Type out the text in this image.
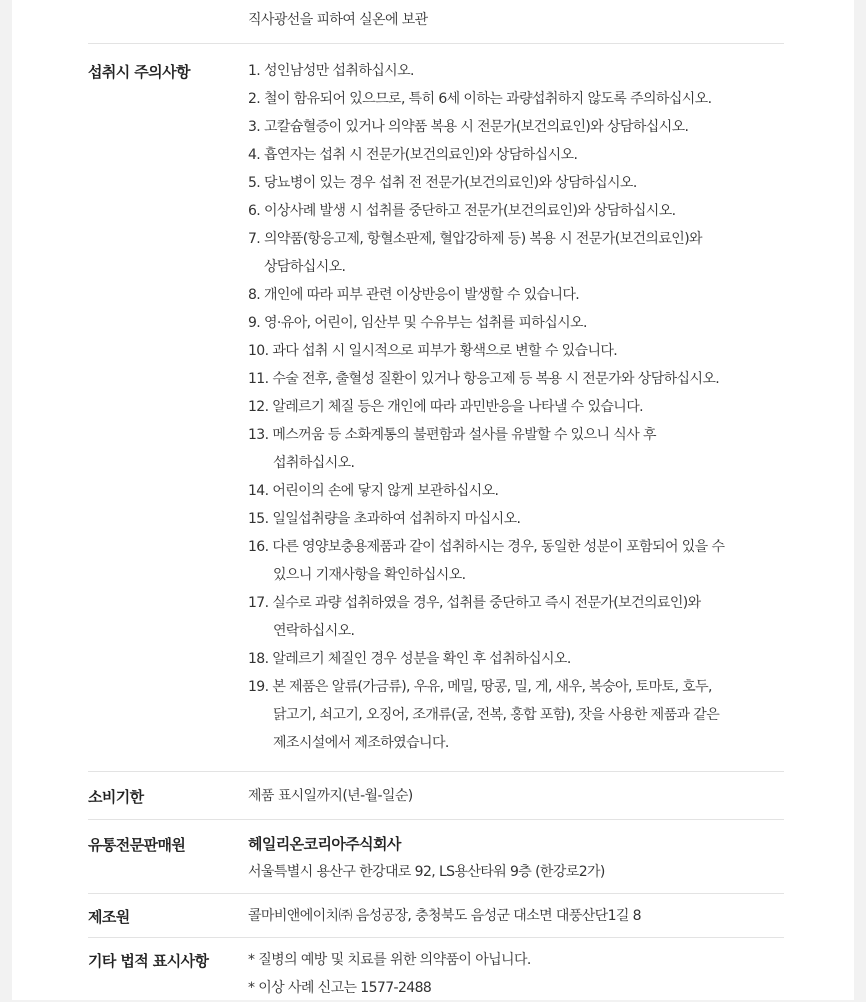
직사광선을 피하여 실온에 보관
섭취시 주의사항	1. 성인남성만 섭취하십시오.
2. 철이 함유되어 있으므로, 특히 6세 이하는 과량섭취하지 않도록 주의하십시오.
3. 고칼슘혈증이 있거나 의약품 복용 시 전문가(보건의료인)와 상담하십시오.
4. 흡연자는 섭취 시 전문가(보건의료인)와 상담하십시오.
5. 당뇨병이 있는 경우 섭취 전 전문가(보건의료인)와 상담하십시오.
6. 이상사례 발생 시 섭취를 중단하고 전문가(보건의료인)와 상담하십시오.
7. 의약품(항응고제, 항혈소판제, 혈압강하제 등) 복용 시 전문가(보건의료인)와
상담하십시오.
8. 개인에 따라 피부 관련 이상반응이 발생할 수 있습니다.
9. 영·유아, 어린이, 임산부 및 수유부는 섭취를 피하십시오.
10. 과다 섭취 시 일시적으로 피부가 황색으로 변할 수 있습니다.
11. 수술 전후, 출혈성 질환이 있거나 항응고제 등 복용 시 전문가와 상담하십시오.
12. 알레르기 체질 등은 개인에 따라 과민반응을 나타낼 수 있습니다.
13. 메스꺼움 등 소화계통의 불편함과 설사를 유발할 수 있으니 식사 후
섭취하십시오.
14. 어린이의 손에 닿지 않게 보관하십시오.
15. 일일섭취량을 초과하여 섭취하지 마십시오.
16. 다른 영양보충용제품과 같이 섭취하시는 경우, 동일한 성분이 포함되어 있을 수
있으니 기재사항을 확인하십시오.
17. 실수로 과량 섭취하였을 경우, 섭취를 중단하고 즉시 전문가(보건의료인)와
연락하십시오.
18. 알레르기 체질인 경우 성분을 확인 후 섭취하십시오.
19. 본 제품은 알류(가금류), 우유, 메밀, 땅콩, 밀, 게, 새우, 복숭아, 토마토, 호두,
닭고기, 쇠고기, 오징어, 조개류(굴, 전복, 홍합 포함), 잣을 사용한 제품과 같은
제조시설에서 제조하였습니다.
소비기한	제품 표시일까지(년-월-일순)
유통전문판매원	헤일리온코리아주식회사
서울특별시 용산구 한강대로 92, LS용산타워 9층 (한강로2가)
제조원	콜마비앤에이치㈜ 음성공장, 충청북도 음성군 대소면 대풍산단1길 8
기타 법적 표시사항	* 질병의 예방 및 치료를 위한 의약품이 아닙니다.
* 이상 사례 신고는 1577-2488
